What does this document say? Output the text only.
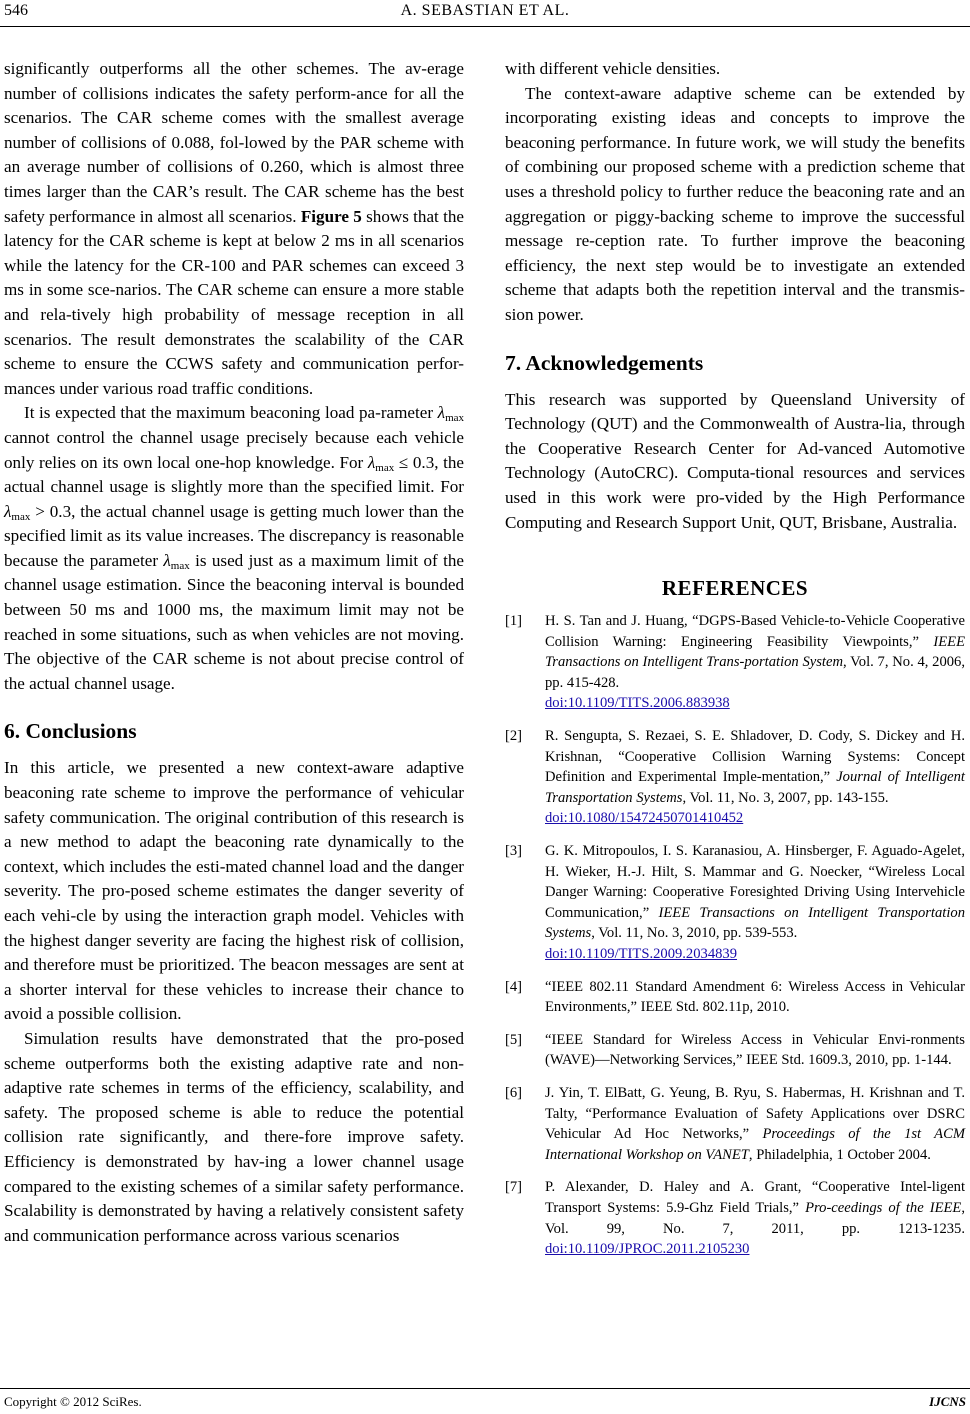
546	A. SEBASTIAN ET AL.

significantly outperforms all the other schemes. The av-erage number of collisions indicates the safety perform-ance for all the scenarios. The CAR scheme comes with the smallest average number of collisions of 0.088, fol-lowed by the PAR scheme with an average number of collisions of 0.260, which is almost three times larger than the CAR’s result. The CAR scheme has the best safety performance in almost all scenarios. Figure 5 shows that the latency for the CAR scheme is kept at below 2 ms in all scenarios while the latency for the CR-100 and PAR schemes can exceed 3 ms in some sce-narios. The CAR scheme can ensure a more stable and rela-tively high probability of message reception in all scenarios. The result demonstrates the scalability of the CAR scheme to ensure the CCWS safety and communication perfor-mances under various road traffic conditions.

It is expected that the maximum beaconing load pa-rameter $\lambda_{max}$ cannot control the channel usage precisely because each vehicle only relies on its own local one-hop knowledge. For $\lambda_{max} \le 0.3$, the actual channel usage is slightly more than the specified limit. For $\lambda_{max} > 0.3$, the actual channel usage is getting much lower than the specified limit as its value increases. The discrepancy is reasonable because the parameter $\lambda_{max}$ is used just as a maximum limit of the channel usage estimation. Since the beaconing interval is bounded between 50 ms and 1000 ms, the maximum limit may not be reached in some situations, such as when vehicles are not moving. The objective of the CAR scheme is not about precise control of the actual channel usage.

6. Conclusions

In this article, we presented a new context-aware adaptive beaconing rate scheme to improve the performance of vehicular safety communication. The original contribution of this research is a new method to adapt the beaconing rate dynamically to the context, which includes the esti-mated channel load and the danger severity. The pro-posed scheme estimates the danger severity of each vehi-cle by using the interaction graph model. Vehicles with the highest danger severity are facing the highest risk of collision, and therefore must be prioritized. The beacon messages are sent at a shorter interval for these vehicles to increase their chance to avoid a possible collision.

Simulation results have demonstrated that the pro-posed scheme outperforms both the existing adaptive rate and non-adaptive rate schemes in terms of the efficiency, scalability, and safety. The proposed scheme is able to reduce the potential collision rate significantly, and there-fore improve safety. Efficiency is demonstrated by hav-ing a lower channel usage compared to the existing schemes of a similar safety performance. Scalability is demonstrated by having a relatively consistent safety and communication performance across various scenarios

with different vehicle densities.

The context-aware adaptive scheme can be extended by incorporating existing ideas and concepts to improve the beaconing performance. In future work, we will study the benefits of combining our proposed scheme with a prediction scheme that uses a threshold policy to further reduce the beaconing rate and an aggregation or piggy-backing scheme to improve the successful message re-ception rate. To further improve the beaconing efficiency, the next step would be to investigate an extended scheme that adapts both the repetition interval and the transmis-sion power.

7. Acknowledgements

This research was supported by Queensland University of Technology (QUT) and the Commonwealth of Austra-lia, through the Cooperative Research Center for Ad-vanced Automotive Technology (AutoCRC). Computa-tional resources and services used in this work were pro-vided by the High Performance Computing and Research Support Unit, QUT, Brisbane, Australia.

REFERENCES
[1] H. S. Tan and J. Huang, “DGPS-Based Vehicle-to-Vehicle Cooperative Collision Warning: Engineering Feasibility Viewpoints,” IEEE Transactions on Intelligent Trans-portation System, Vol. 7, No. 4, 2006, pp. 415-428.
doi:10.1109/TITS.2006.883938
[2] R. Sengupta, S. Rezaei, S. E. Shladover, D. Cody, S. Dickey and H. Krishnan, “Cooperative Collision Warning Systems: Concept Definition and Experimental Imple-mentation,” Journal of Intelligent Transportation Systems, Vol. 11, No. 3, 2007, pp. 143-155.
doi:10.1080/15472450701410452
[3] G. K. Mitropoulos, I. S. Karanasiou, A. Hinsberger, F. Aguado-Agelet, H. Wieker, H.-J. Hilt, S. Mammar and G. Noecker, “Wireless Local Danger Warning: Cooperative Foresighted Driving Using Intervehicle Communication,” IEEE Transactions on Intelligent Transportation Systems, Vol. 11, No. 3, 2010, pp. 539-553.
doi:10.1109/TITS.2009.2034839
[4] “IEEE 802.11 Standard Amendment 6: Wireless Access in Vehicular Environments,” IEEE Std. 802.11p, 2010.
[5] “IEEE Standard for Wireless Access in Vehicular Envi-ronments (WAVE)—Networking Services,” IEEE Std. 1609.3, 2010, pp. 1-144.
[6] J. Yin, T. ElBatt, G. Yeung, B. Ryu, S. Habermas, H. Krishnan and T. Talty, “Performance Evaluation of Safety Applications over DSRC Vehicular Ad Hoc Networks,” Proceedings of the 1st ACM International Workshop on VANET, Philadelphia, 1 October 2004.
[7] P. Alexander, D. Haley and A. Grant, “Cooperative Intel-ligent Transport Systems: 5.9-Ghz Field Trials,” Pro-ceedings of the IEEE, Vol. 99, No. 7, 2011, pp. 1213-1235. doi:10.1109/JPROC.2011.2105230
Copyright © 2012 SciRes.	IJCNS
